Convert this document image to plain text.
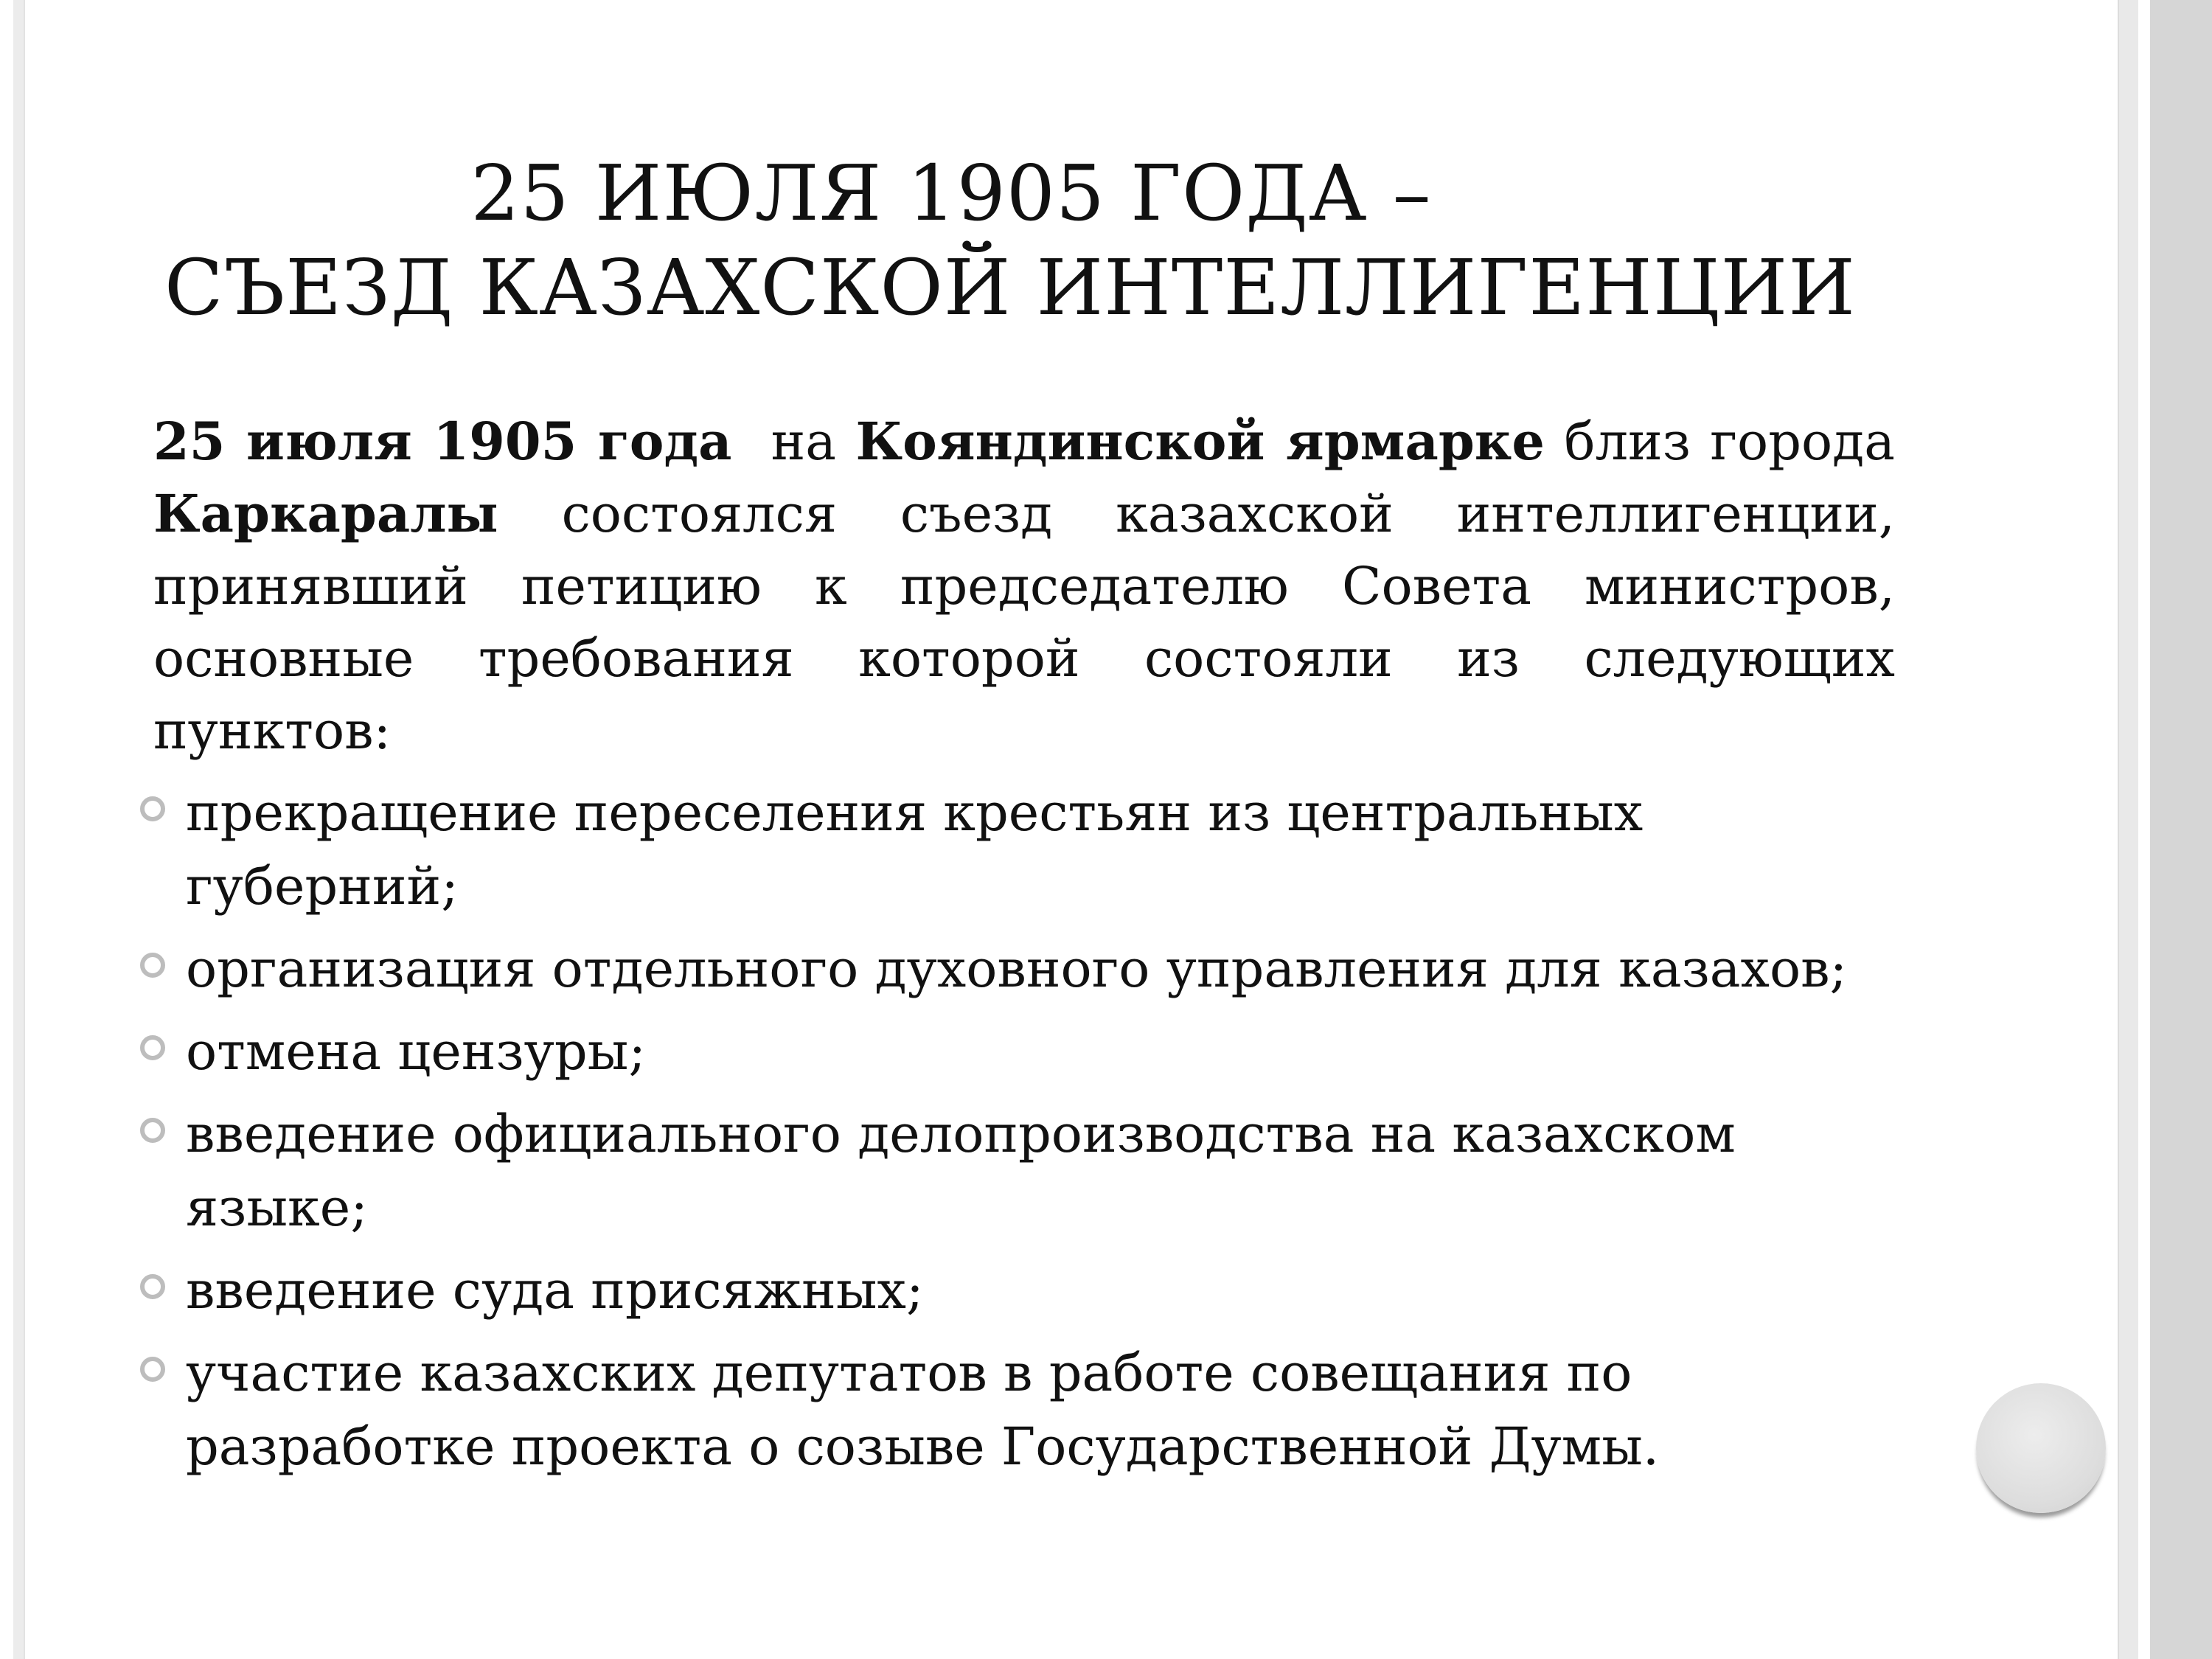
25 ИЮЛЯ 1905 ГОДА –
СЪЕЗД КАЗАХСКОЙ ИНТЕЛЛИГЕНЦИИ
25 июля 1905 года на Кояндинской ярмарке близ города Каркаралы состоялся съезд казахской интеллигенции, принявший петицию к председателю Совета министров, основные требования которой состояли из следующих пунктов:
прекращение переселения крестьян из центральных губерний;
организация отдельного духовного управления для казахов;
отмена цензуры;
введение официального делопроизводства на казахском языке;
введение суда присяжных;
участие казахских депутатов в работе совещания по разработке проекта о созыве Государственной Думы.
